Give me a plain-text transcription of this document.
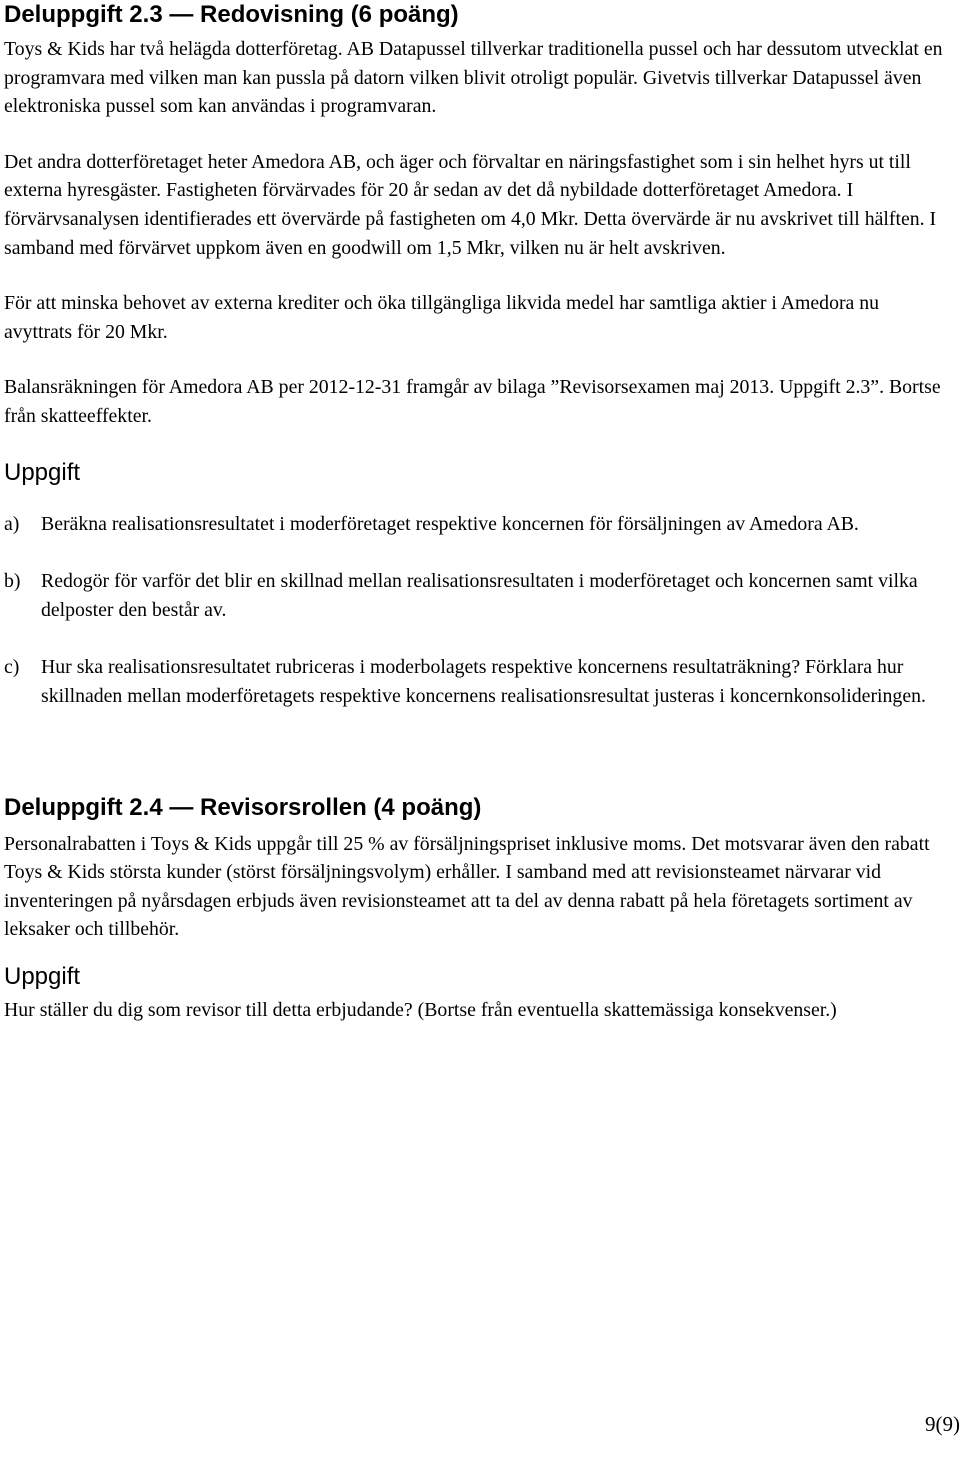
Deluppgift 2.3 — Redovisning (6 poäng)

Toys & Kids har två helägda dotterföretag. AB Datapussel tillverkar traditionella pussel och har dessutom utvecklat en programvara med vilken man kan pussla på datorn vilken blivit otroligt populär. Givetvis tillverkar Datapussel även elektroniska pussel som kan användas i programvaran.

Det andra dotterföretaget heter Amedora AB, och äger och förvaltar en näringsfastighet som i sin helhet hyrs ut till externa hyresgäster. Fastigheten förvärvades för 20 år sedan av det då nybildade dotterföretaget Amedora. I förvärvsanalysen identifierades ett övervärde på fastigheten om 4,0 Mkr. Detta övervärde är nu avskrivet till hälften. I samband med förvärvet uppkom även en goodwill om 1,5 Mkr, vilken nu är helt avskriven.

För att minska behovet av externa krediter och öka tillgängliga likvida medel har samtliga aktier i Amedora nu avyttrats för 20 Mkr.

Balansräkningen för Amedora AB per 2012-12-31 framgår av bilaga ”Revisorsexamen maj 2013. Uppgift 2.3”. Bortse från skatteeffekter.

Uppgift
a) Beräkna realisationsresultatet i moderföretaget respektive koncernen för försäljningen av Amedora AB.
b) Redogör för varför det blir en skillnad mellan realisationsresultaten i moderföretaget och koncernen samt vilka delposter den består av.
c) Hur ska realisationsresultatet rubriceras i moderbolagets respektive koncernens resultaträkning? Förklara hur skillnaden mellan moderföretagets respektive koncernens realisationsresultat justeras i koncernkonsolideringen.
Deluppgift 2.4 — Revisorsrollen (4 poäng)

Personalrabatten i Toys & Kids uppgår till 25 % av försäljningspriset inklusive moms. Det motsvarar även den rabatt Toys & Kids största kunder (störst försäljningsvolym) erhåller. I samband med att revisionsteamet närvarar vid inventeringen på nyårsdagen erbjuds även revisionsteamet att ta del av denna rabatt på hela företagets sortiment av leksaker och tillbehör.

Uppgift

Hur ställer du dig som revisor till detta erbjudande? (Bortse från eventuella skattemässiga konsekvenser.)

9(9)
